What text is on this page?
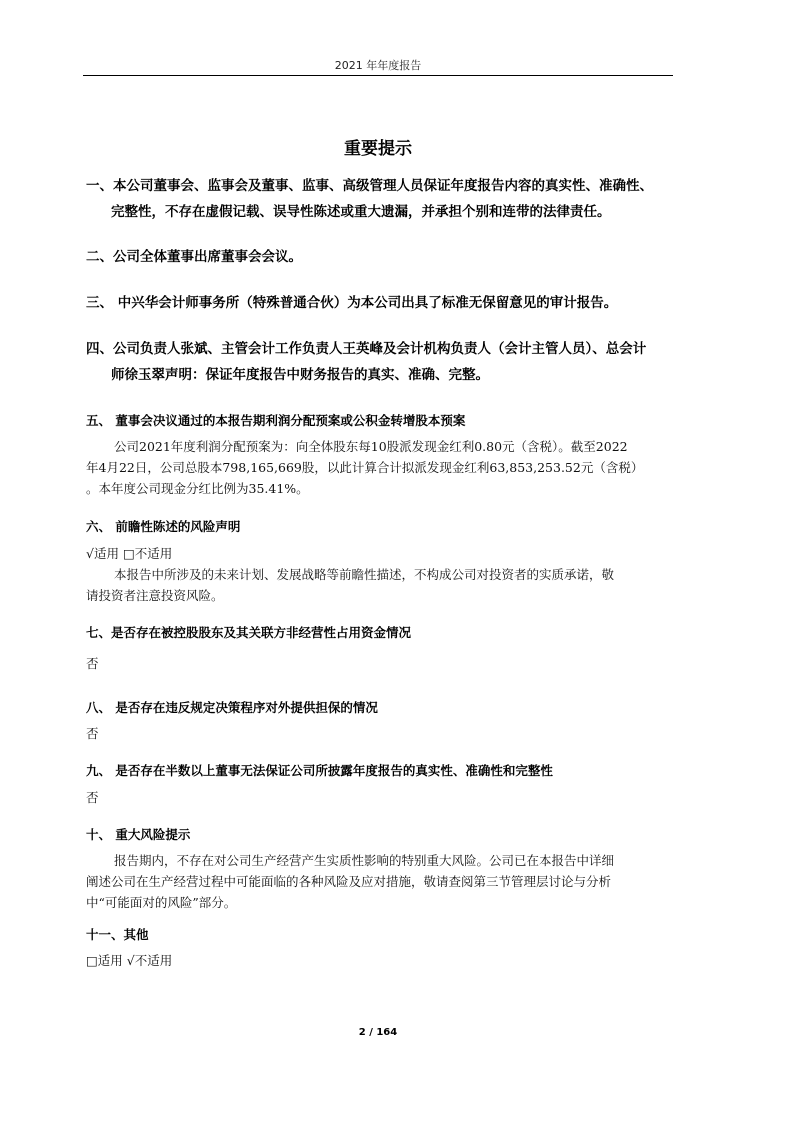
2021 年年度报告
重要提示
一、本公司董事会、监事会及董事、监事、高级管理人员保证年度报告内容的真实性、准确性、
完整性，不存在虚假记载、误导性陈述或重大遗漏，并承担个别和连带的法律责任。
二、公司全体董事出席董事会会议。
三、 中兴华会计师事务所（特殊普通合伙）为本公司出具了标准无保留意见的审计报告。
四、公司负责人张斌、主管会计工作负责人王英峰及会计机构负责人（会计主管人员）、总会计
师徐玉翠声明：保证年度报告中财务报告的真实、准确、完整。
五、 董事会决议通过的本报告期利润分配预案或公积金转增股本预案
公司2021年度利润分配预案为：向全体股东每10股派发现金红利0.80元（含税）。截至2022
年4月22日，公司总股本798,165,669股，以此计算合计拟派发现金红利63,853,253.52元（含税）
。本年度公司现金分红比例为35.41%。
六、 前瞻性陈述的风险声明
√适用 □不适用
本报告中所涉及的未来计划、发展战略等前瞻性描述，不构成公司对投资者的实质承诺，敬
请投资者注意投资风险。
七、是否存在被控股股东及其关联方非经营性占用资金情况
否
八、 是否存在违反规定决策程序对外提供担保的情况
否
九、 是否存在半数以上董事无法保证公司所披露年度报告的真实性、准确性和完整性
否
十、 重大风险提示
报告期内，不存在对公司生产经营产生实质性影响的特别重大风险。公司已在本报告中详细
阐述公司在生产经营过程中可能面临的各种风险及应对措施，敬请查阅第三节管理层讨论与分析
中“可能面对的风险”部分。
十一、其他
□适用 √不适用
2 / 164
